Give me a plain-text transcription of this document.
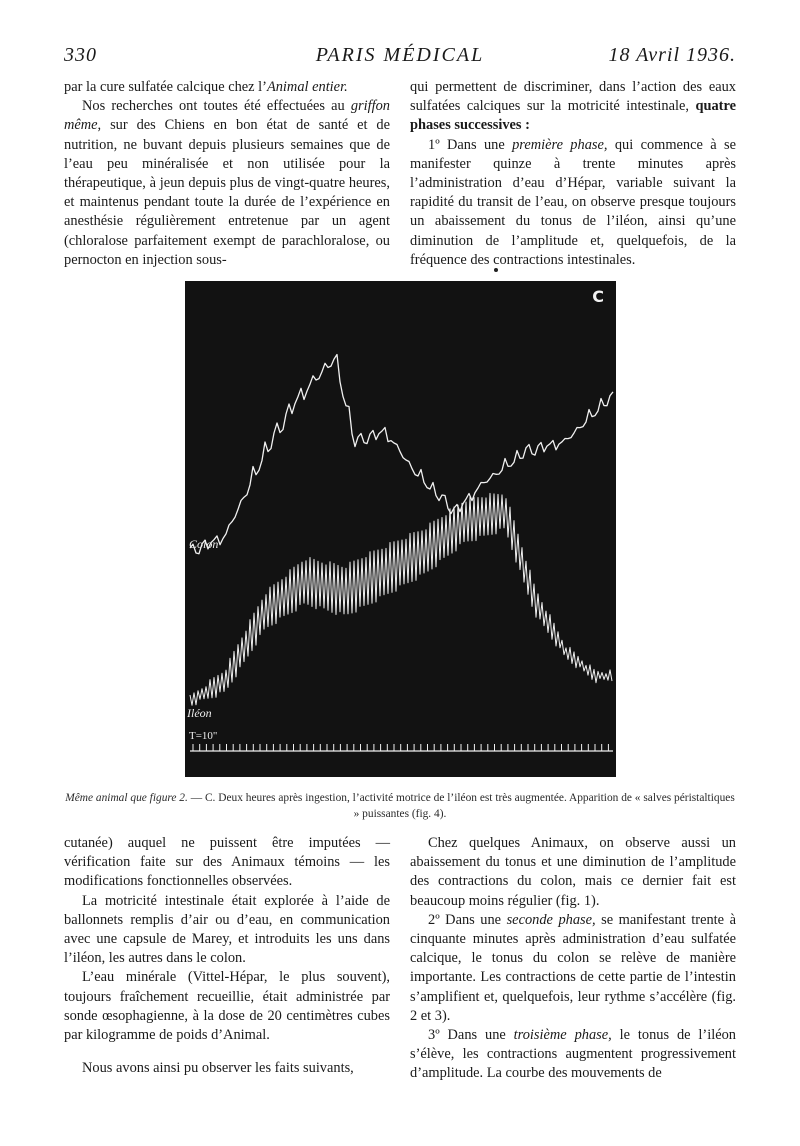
330	PARIS MÉDICAL	18 Avril 1936.

par la cure sulfatée calcique chez l’Animal entier.

Nos recherches ont toutes été effectuées au griffon même, sur des Chiens en bon état de santé et de nutrition, ne buvant depuis plusieurs semaines que de l’eau peu minéralisée et non utilisée pour la thérapeutique, à jeun depuis plus de vingt-quatre heures, et maintenus pendant toute la durée de l’expérience en anesthésie régulièrement entretenue par un agent (chloralose parfaitement exempt de parachloralose, ou pernocton en injection sous-

qui permettent de discriminer, dans l’action des eaux sulfatées calciques sur la motricité intestinale, quatre phases successives :

1º Dans une première phase, qui commence à se manifester quinze à trente minutes après l’administration d’eau d’Hépar, variable suivant la rapidité du transit de l’eau, on observe presque toujours un abaissement du tonus de l’iléon, ainsi qu’une diminution de l’amplitude et, quelquefois, de la fréquence des contractions intestinales.

C
Colon
Iléon
T=10"
Même animal que figure 2. — C. Deux heures après ingestion, l’activité motrice de l’iléon est très augmentée. Apparition de « salves péristaltiques » puissantes (fig. 4).

cutanée) auquel ne puissent être imputées — vérification faite sur des Animaux témoins — les modifications fonctionnelles observées.

La motricité intestinale était explorée à l’aide de ballonnets remplis d’air ou d’eau, en communication avec une capsule de Marey, et introduits les uns dans l’iléon, les autres dans le colon.

L’eau minérale (Vittel-Hépar, le plus souvent), toujours fraîchement recueillie, était administrée par sonde œsophagienne, à la dose de 20 centimètres cubes par kilogramme de poids d’Animal.

Nous avons ainsi pu observer les faits suivants,

Chez quelques Animaux, on observe aussi un abaissement du tonus et une diminution de l’amplitude des contractions du colon, mais ce dernier fait est beaucoup moins régulier (fig. 1).

2º Dans une seconde phase, se manifestant trente à cinquante minutes après administration d’eau sulfatée calcique, le tonus du colon se relève de manière importante. Les contractions de cette partie de l’intestin s’amplifient et, quelquefois, leur rythme s’accélère (fig. 2 et 3).

3º Dans une troisième phase, le tonus de l’iléon s’élève, les contractions augmentent progressivement d’amplitude. La courbe des mouvements de
